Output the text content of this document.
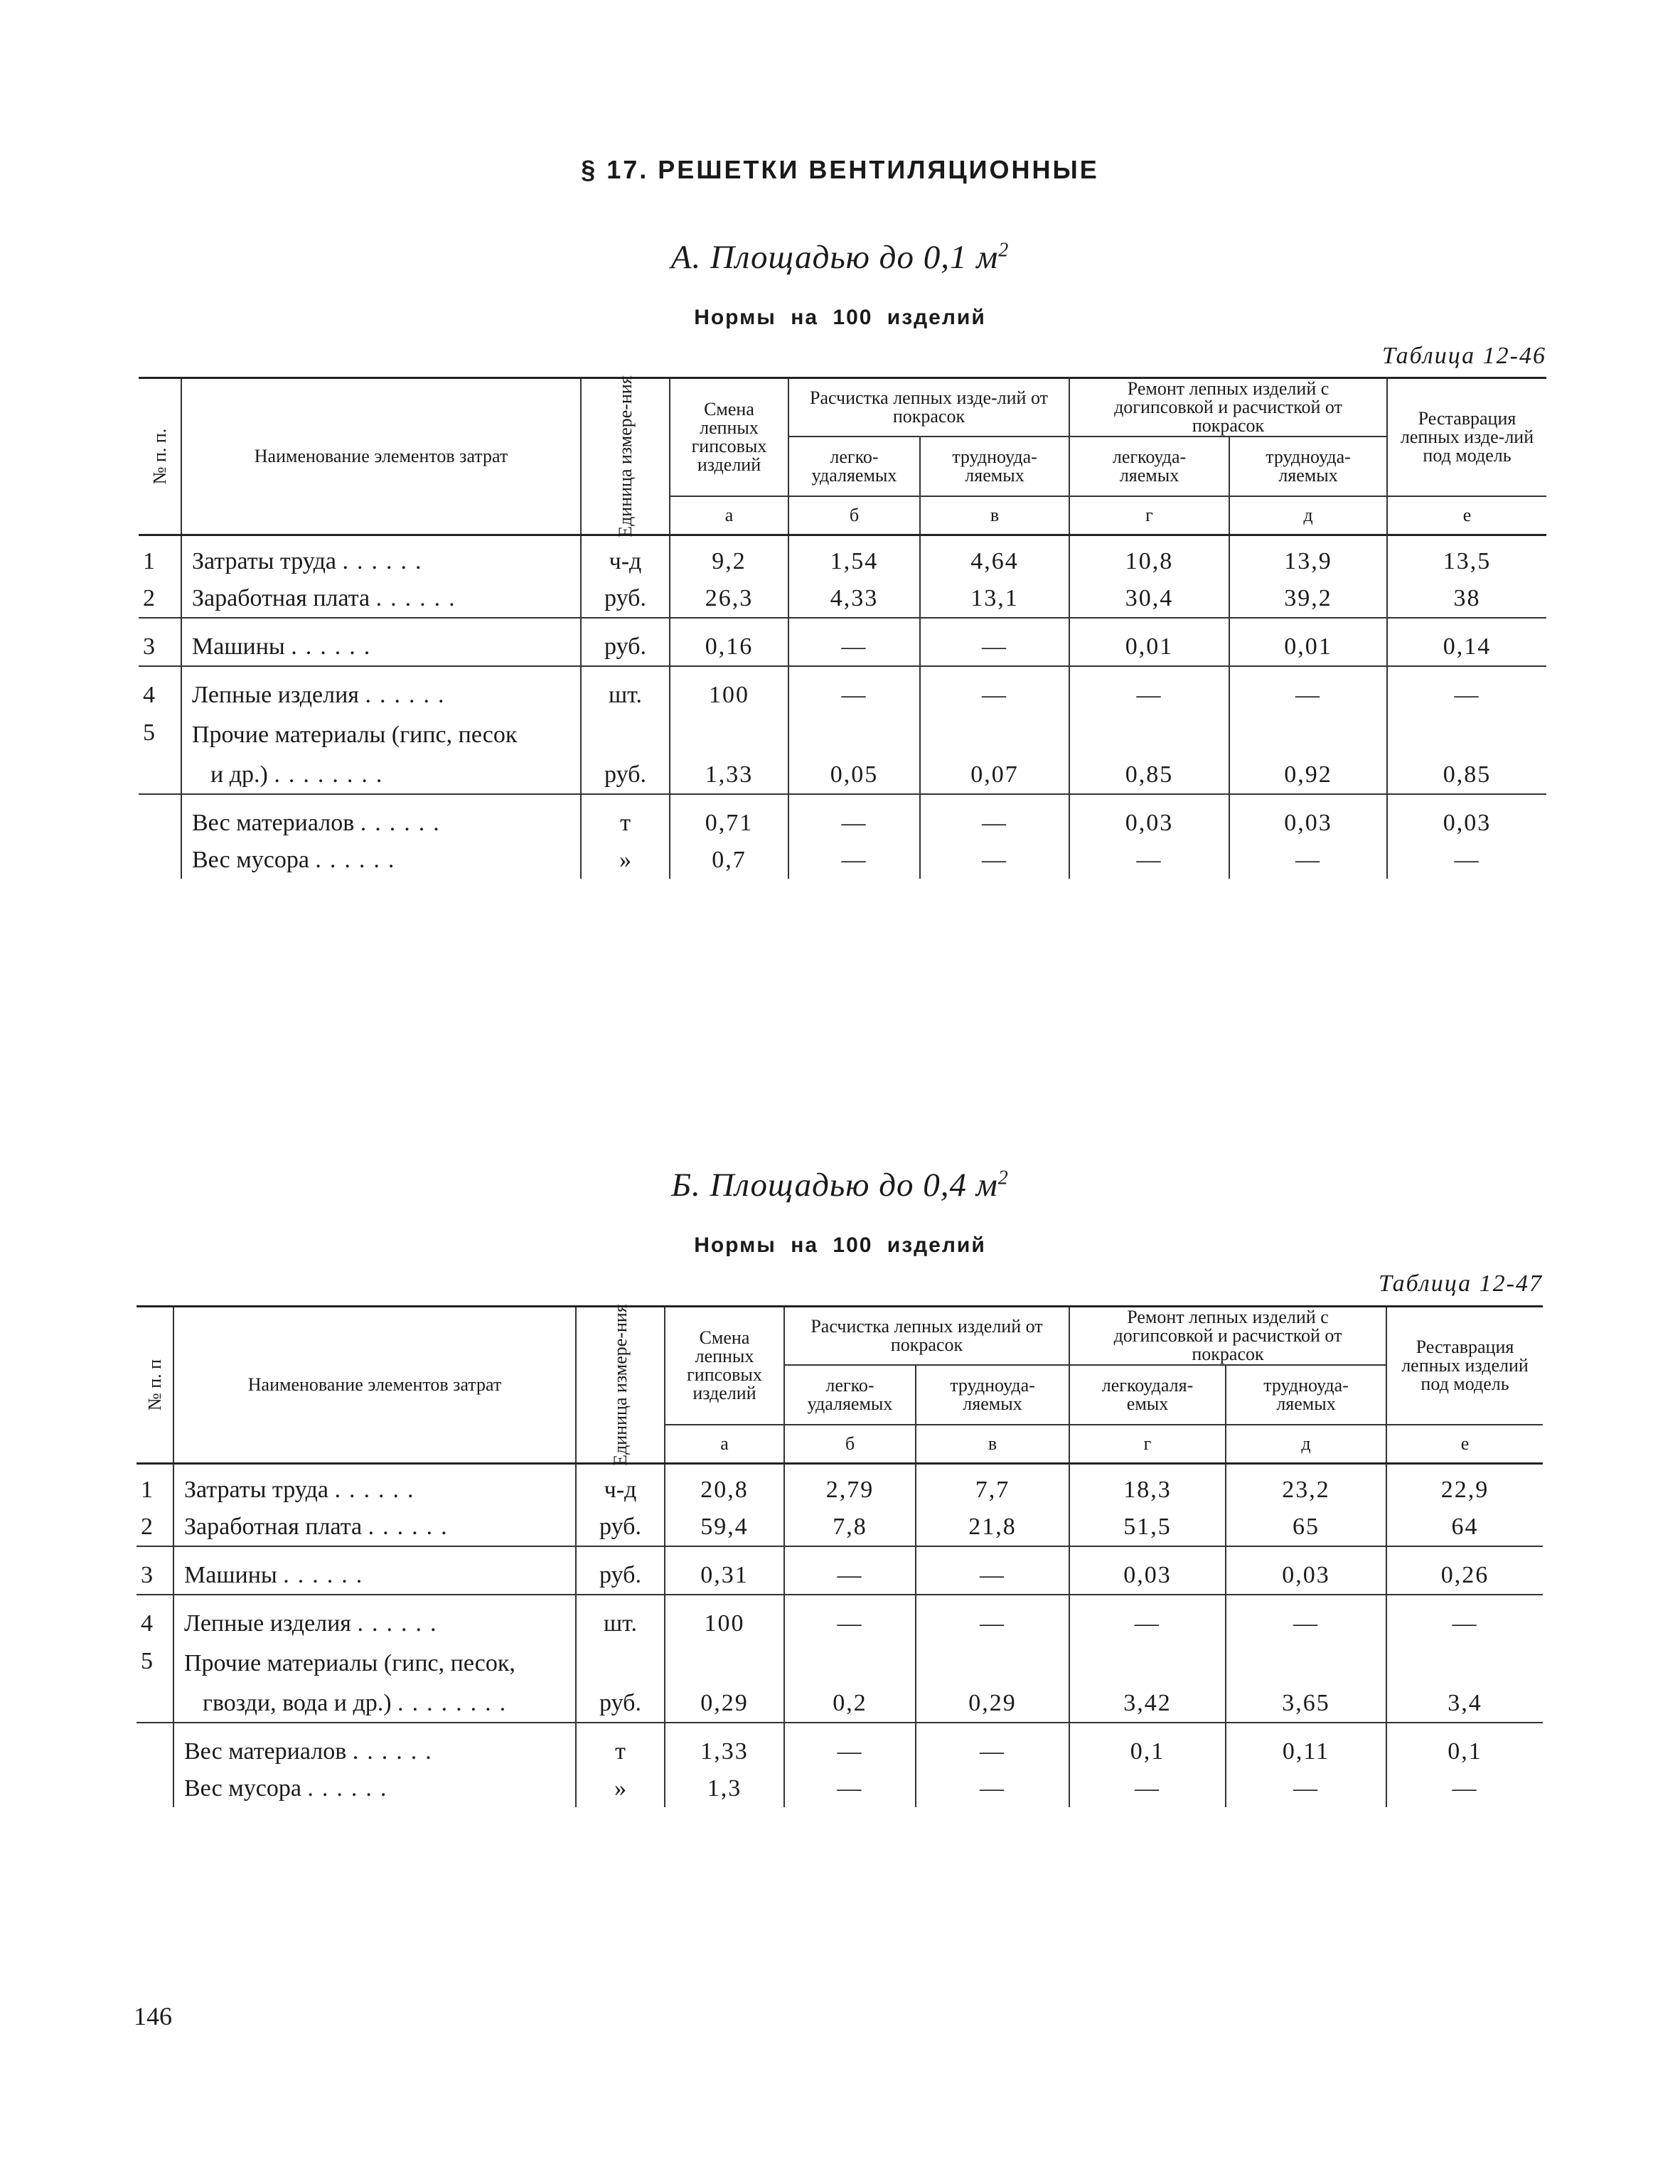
§ 17. РЕШЕТКИ ВЕНТИЛЯЦИОННЫЕ
А. Площадью до 0,1 $м^2$
Нормы на 100 изделий
Таблица 12-46
№ п. п.	Наименование элементов затрат	Единица измере-ния	Смена лепных гипсовых изделий	Расчистка лепных изде-лий от покрасок		Ремонт лепных изделий с догипсовкой и расчисткой от покрасок		Реставрация лепных изде-лий под модель
				легко-удаляемых	трудноуда-ляемых	легкоуда-ляемых	трудноуда-ляемых	
			а	б	в	г	д	е

1	Затраты труда ......	ч-д	9,2	1,54	4,64	10,8	13,9	13,5
2	Заработная плата ......	руб.	26,3	4,33	13,1	30,4	39,2	38

3	Машины ......	руб.	0,16	—	—	0,01	0,01	0,14

4	Лепные изделия ......	шт.	100	—	—	—	—	—
5	Прочие материалы (гипс, песок							
	и др.) ........	руб.	1,33	0,05	0,07	0,85	0,92	0,85

	Вес материалов ......	т	0,71	—	—	0,03	0,03	0,03
	Вес мусора ......	»	0,7	—	—	—	—	—
Б. Площадью до 0,4 $м^2$
Нормы на 100 изделий
Таблица 12-47
№ п. п	Наименование элементов затрат	Единица измере-ния	Смена лепных гипсовых изделий	Расчистка лепных изделий от покрасок		Ремонт лепных изделий с догипсовкой и расчисткой от покрасок		Реставрация лепных изделий под модель
				легко-удаляемых	трудноуда-ляемых	легкоудаля-емых	трудноуда-ляемых	
			а	б	в	г	д	е

1	Затраты труда ......	ч-д	20,8	2,79	7,7	18,3	23,2	22,9
2	Заработная плата ......	руб.	59,4	7,8	21,8	51,5	65	64

3	Машины ......	руб.	0,31	—	—	0,03	0,03	0,26

4	Лепные изделия ......	шт.	100	—	—	—	—	—
5	Прочие материалы (гипс, песок,							
	гвозди, вода и др.) ........	руб.	0,29	0,2	0,29	3,42	3,65	3,4

	Вес материалов ......	т	1,33	—	—	0,1	0,11	0,1
	Вес мусора ......	»	1,3	—	—	—	—	—
146
